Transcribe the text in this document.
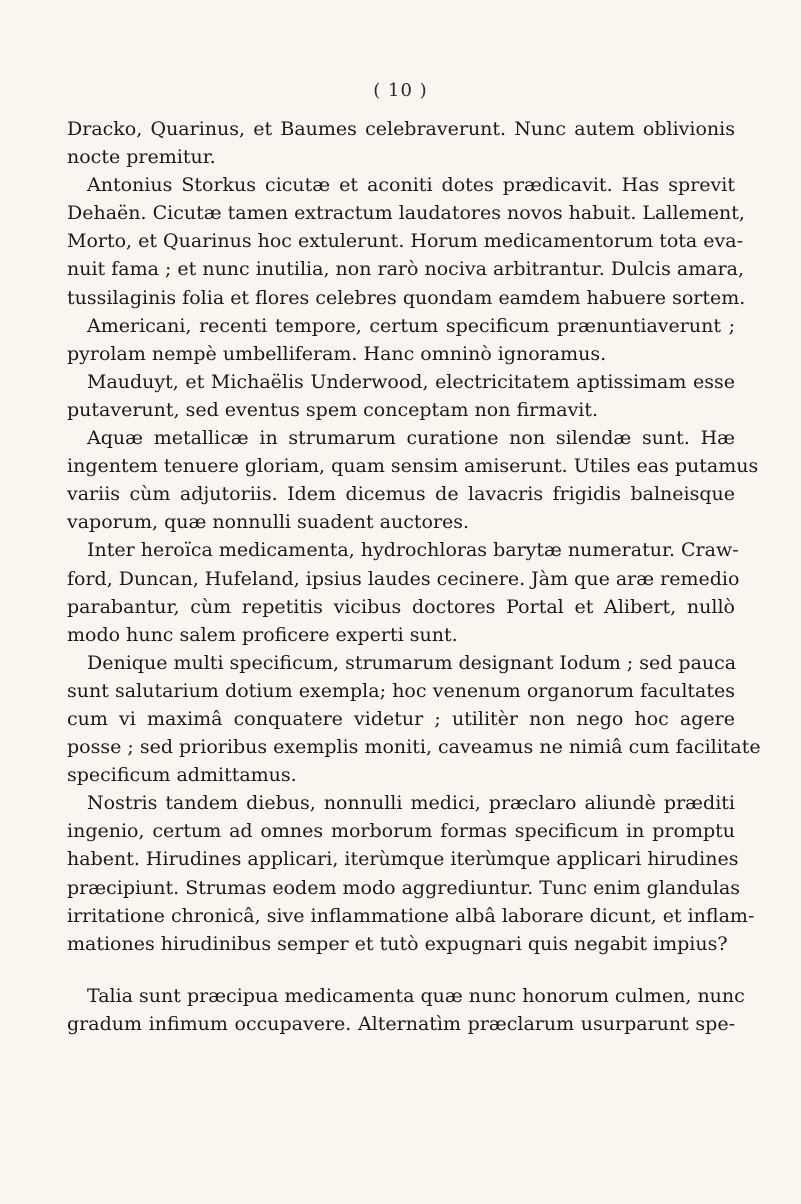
( 10 )

Dracko, Quarinus, et Baumes celebraverunt. Nunc autem oblivionis
nocte premitur.

Antonius Storkus cicutæ et aconiti dotes prædicavit. Has sprevit
Dehaën. Cicutæ tamen extractum laudatores novos habuit. Lallement,
Morto, et Quarinus hoc extulerunt. Horum medicamentorum tota eva-
nuit fama ; et nunc inutilia, non rarò nociva arbitrantur. Dulcis amara,
tussilaginis folia et flores celebres quondam eamdem habuere sortem.

Americani, recenti tempore, certum specificum prænuntiaverunt ;
pyrolam nempè umbelliferam. Hanc omninò ignoramus.

Mauduyt, et Michaëlis Underwood, electricitatem aptissimam esse
putaverunt, sed eventus spem conceptam non firmavit.

Aquæ metallicæ in strumarum curatione non silendæ sunt. Hæ
ingentem tenuere gloriam, quam sensim amiserunt. Utiles eas putamus
variis cùm adjutoriis. Idem dicemus de lavacris frigidis balneisque
vaporum, quæ nonnulli suadent auctores.

Inter heroïca medicamenta, hydrochloras barytæ numeratur. Craw-
ford, Duncan, Hufeland, ipsius laudes cecinere. Jàm que aræ remedio
parabantur, cùm repetitis vicibus doctores Portal et Alibert, nullò
modo hunc salem proficere experti sunt.

Denique multi specificum, strumarum designant Iodum ; sed pauca
sunt salutarium dotium exempla; hoc venenum organorum facultates
cum vi maximâ conquatere videtur ; utilitèr non nego hoc agere
posse ; sed prioribus exemplis moniti, caveamus ne nimiâ cum facilitate
specificum admittamus.

Nostris tandem diebus, nonnulli medici, præclaro aliundè præditi
ingenio, certum ad omnes morborum formas specificum in promptu
habent. Hirudines applicari, iterùmque iterùmque applicari hirudines
præcipiunt. Strumas eodem modo aggrediuntur. Tunc enim glandulas
irritatione chronicâ, sive inflammatione albâ laborare dicunt, et inflam-
mationes hirudinibus semper et tutò expugnari quis negabit impius?

Talia sunt præcipua medicamenta quæ nunc honorum culmen, nunc
gradum infimum occupavere. Alternatìm præclarum usurparunt spe-
